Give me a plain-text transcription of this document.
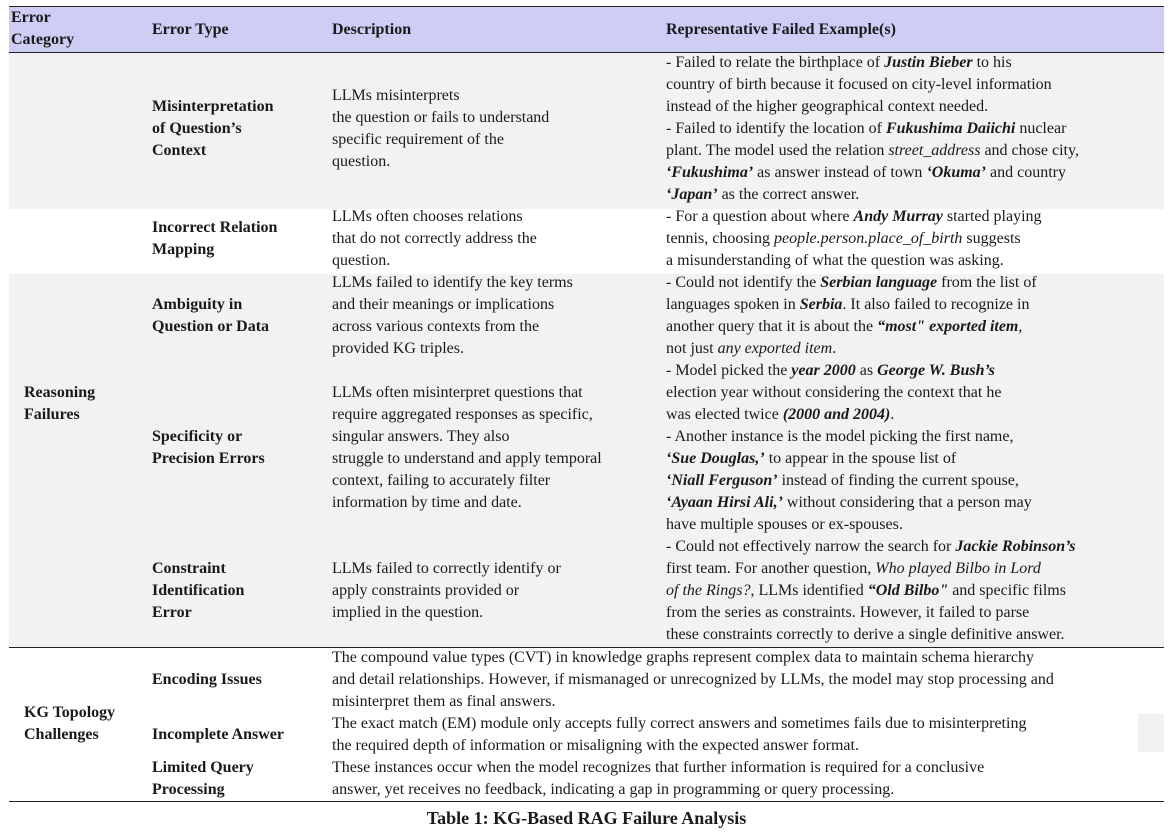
Error
Category
Error Type	Description	Representative Failed Example(s)
Reasoning
Failures
Misinterpretation
of Question’s
Context
LLMs misinterprets
the question or fails to understand
specific requirement of the
question.
- Failed to relate the birthplace of Justin Bieber to his
country of birth because it focused on city-level information
instead of the higher geographical context needed.
- Failed to identify the location of Fukushima Daiichi nuclear
plant. The model used the relation street_address and chose city,
‘Fukushima’ as answer instead of town ‘Okuma’ and country
‘Japan’ as the correct answer.
Incorrect Relation
Mapping
LLMs often chooses relations
that do not correctly address the
question.
- For a question about where Andy Murray started playing
tennis, choosing people.person.place_of_birth suggests
a misunderstanding of what the question was asking.
Ambiguity in
Question or Data
LLMs failed to identify the key terms
and their meanings or implications
across various contexts from the
provided KG triples.
- Could not identify the Serbian language from the list of
languages spoken in Serbia. It also failed to recognize in
another query that it is about the “most" exported item,
not just any exported item.
Specificity or
Precision Errors
LLMs often misinterpret questions that
require aggregated responses as specific,
singular answers. They also
struggle to understand and apply temporal
context, failing to accurately filter
information by time and date.
- Model picked the year 2000 as George W. Bush’s
election year without considering the context that he
was elected twice (2000 and 2004).
- Another instance is the model picking the first name,
‘Sue Douglas,’ to appear in the spouse list of
‘Niall Ferguson’ instead of finding the current spouse,
‘Ayaan Hirsi Ali,’ without considering that a person may
have multiple spouses or ex-spouses.
Constraint
Identification
Error
LLMs failed to correctly identify or
apply constraints provided or
implied in the question.
- Could not effectively narrow the search for Jackie Robinson’s
first team. For another question, Who played Bilbo in Lord
of the Rings?, LLMs identified “Old Bilbo" and specific films
from the series as constraints. However, it failed to parse
these constraints correctly to derive a single definitive answer.
KG Topology
Challenges
Encoding Issues
The compound value types (CVT) in knowledge graphs represent complex data to maintain schema hierarchy
and detail relationships. However, if mismanaged or unrecognized by LLMs, the model may stop processing and
misinterpret them as final answers.
Incomplete Answer
The exact match (EM) module only accepts fully correct answers and sometimes fails due to misinterpreting
the required depth of information or misaligning with the expected answer format.
Limited Query
Processing
These instances occur when the model recognizes that further information is required for a conclusive
answer, yet receives no feedback, indicating a gap in programming or query processing.
Table 1: KG-Based RAG Failure Analysis
